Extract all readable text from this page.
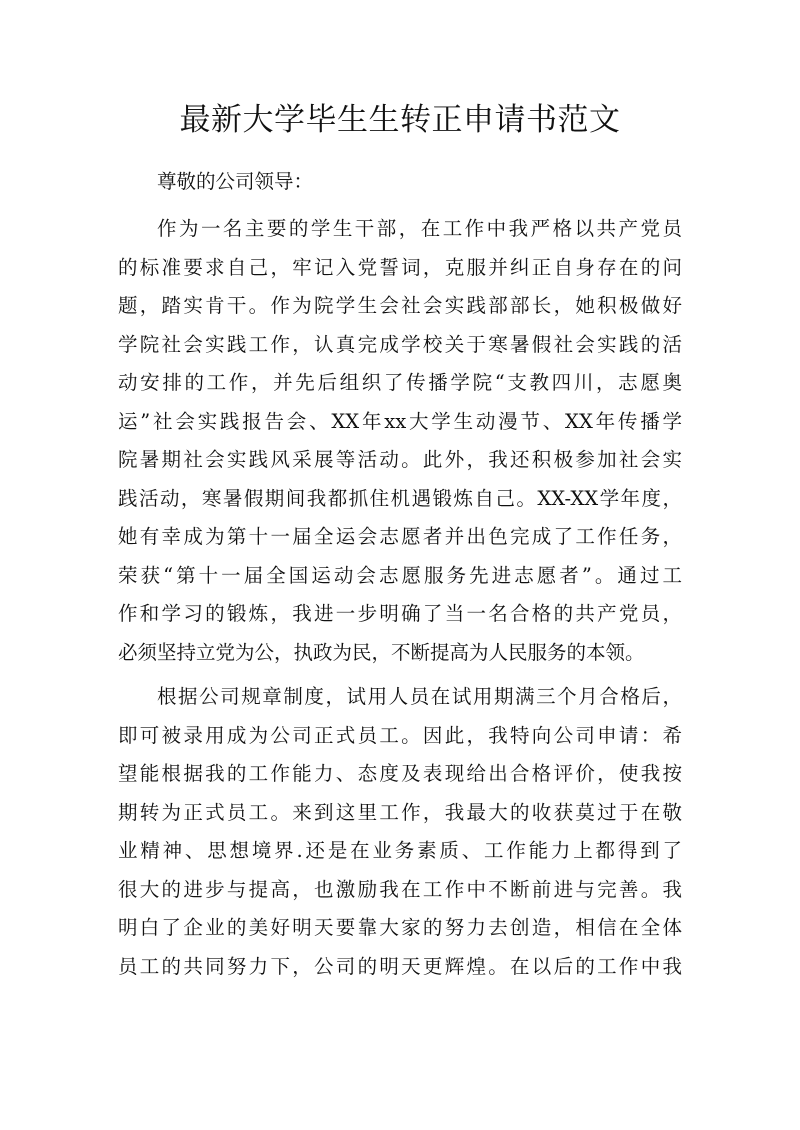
最新大学毕生生转正申请书范文

尊敬的公司领导：

作为一名主要的学生干部，在工作中我严格以共产党员
的标准要求自己，牢记入党誓词，克服并纠正自身存在的问
题，踏实肯干。作为院学生会社会实践部部长，她积极做好
学院社会实践工作，认真完成学校关于寒暑假社会实践的活
动安排的工作，并先后组织了传播学院“支教四川，志愿奥
运”社会实践报告会、XX年xx大学生动漫节、XX年传播学
院暑期社会实践风采展等活动。此外，我还积极参加社会实
践活动，寒暑假期间我都抓住机遇锻炼自己。XX-XX学年度，
她有幸成为第十一届全运会志愿者并出色完成了工作任务，
荣获“第十一届全国运动会志愿服务先进志愿者”。通过工
作和学习的锻炼，我进一步明确了当一名合格的共产党员，
必须坚持立党为公，执政为民，不断提高为人民服务的本领。
根据公司规章制度，试用人员在试用期满三个月合格后，
即可被录用成为公司正式员工。因此，我特向公司申请：希
望能根据我的工作能力、态度及表现给出合格评价，使我按
期转为正式员工。来到这里工作，我最大的收获莫过于在敬
业精神、思想境界.还是在业务素质、工作能力上都得到了
很大的进步与提高，也激励我在工作中不断前进与完善。我
明白了企业的美好明天要靠大家的努力去创造，相信在全体
员工的共同努力下，公司的明天更辉煌。在以后的工作中我
